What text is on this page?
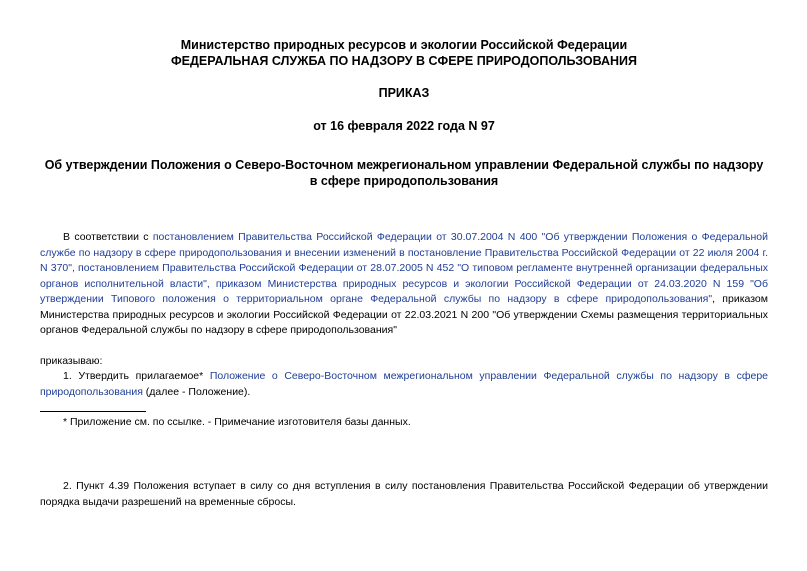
Министерство природных ресурсов и экологии Российской Федерации
ФЕДЕРАЛЬНАЯ СЛУЖБА ПО НАДЗОРУ В СФЕРЕ ПРИРОДОПОЛЬЗОВАНИЯ
ПРИКАЗ
от 16 февраля 2022 года N 97
Об утверждении Положения о Северо-Восточном межрегиональном управлении Федеральной службы по надзору в сфере природопользования
В соответствии с постановлением Правительства Российской Федерации от 30.07.2004 N 400 "Об утверждении Положения о Федеральной службе по надзору в сфере природопользования и внесении изменений в постановление Правительства Российской Федерации от 22 июля 2004 г. N 370", постановлением Правительства Российской Федерации от 28.07.2005 N 452 "О типовом регламенте внутренней организации федеральных органов исполнительной власти", приказом Министерства природных ресурсов и экологии Российской Федерации от 24.03.2020 N 159 "Об утверждении Типового положения о территориальном органе Федеральной службы по надзору в сфере природопользования", приказом Министерства природных ресурсов и экологии Российской Федерации от 22.03.2021 N 200 "Об утверждении Схемы размещения территориальных органов Федеральной службы по надзору в сфере природопользования"
приказываю:
1. Утвердить прилагаемое* Положение о Северо-Восточном межрегиональном управлении Федеральной службы по надзору в сфере природопользования (далее - Положение).
* Приложение см. по ссылке. - Примечание изготовителя базы данных.
2. Пункт 4.39 Положения вступает в силу со дня вступления в силу постановления Правительства Российской Федерации об утверждении порядка выдачи разрешений на временные сбросы.
